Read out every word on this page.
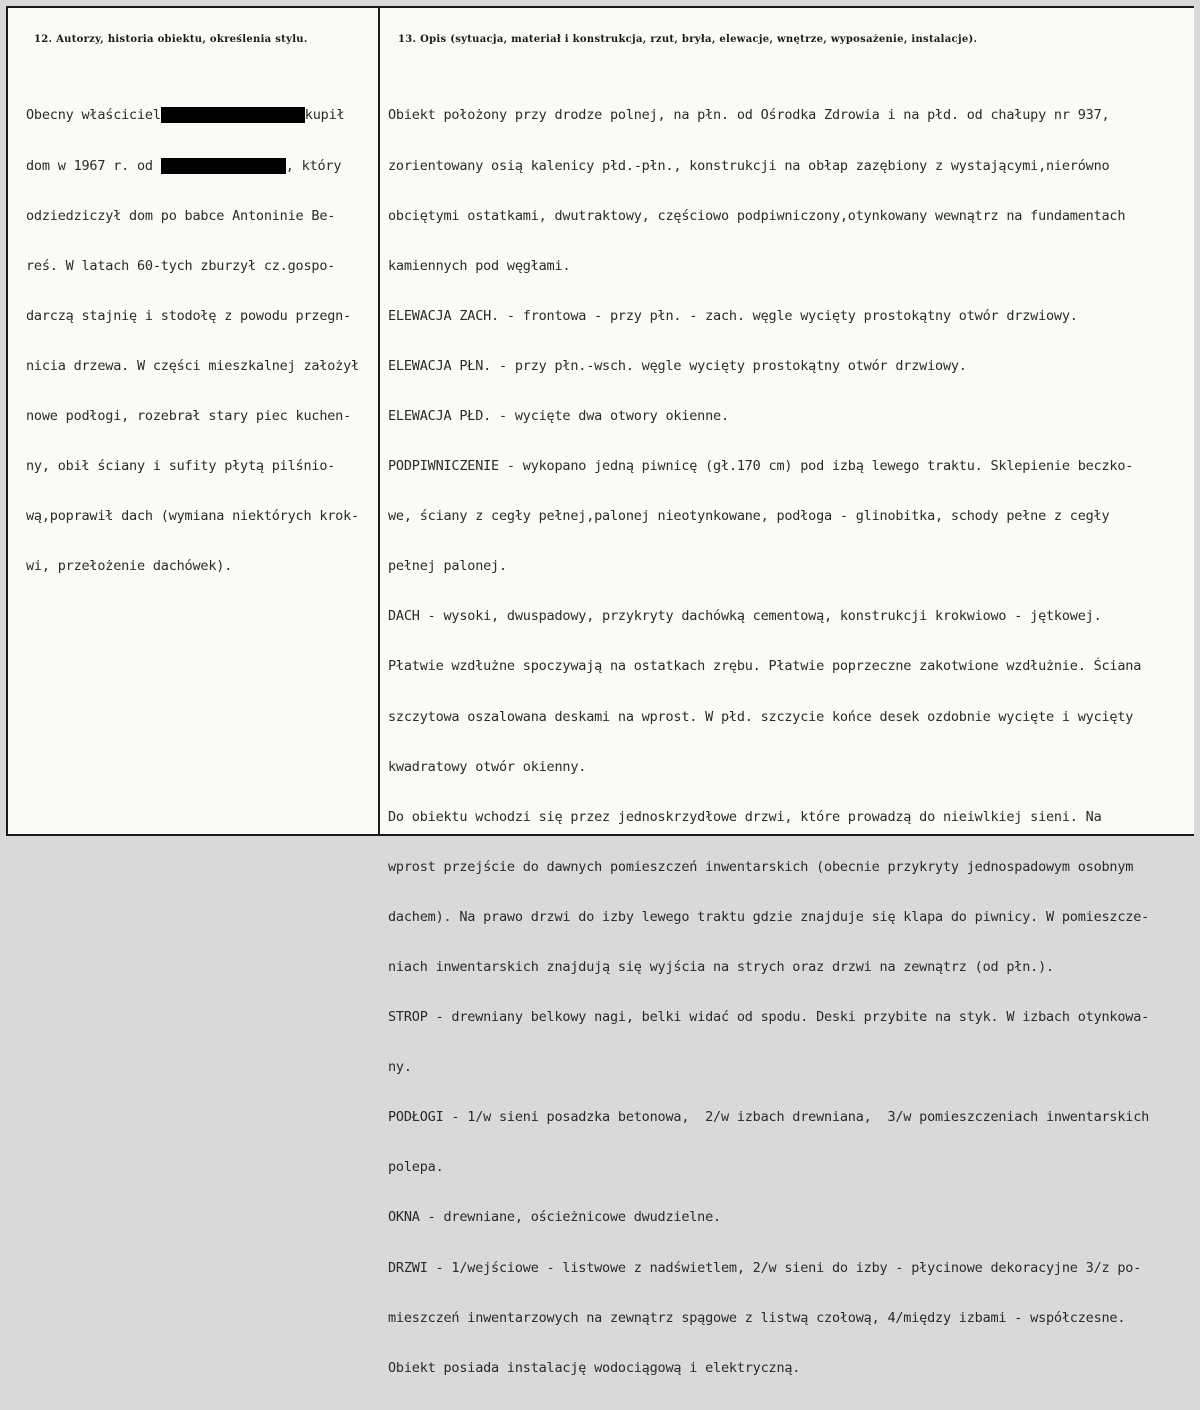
12. Autorzy, historia obiektu, określenia stylu.	13. Opis (sytuacja, materiał i konstrukcja, rzut, bryła, elewacje, wnętrze, wyposażenie, instalacje).

Obecny właściciel	kupił

dom w 1967 r. od	, który

odziedziczył dom po babce Antoninie Be-

reś. W latach 60-tych zburzył cz.gospo-

darczą stajnię i stodołę z powodu przegn-

nicia drzewa. W części mieszkalnej założył

nowe podłogi, rozebrał stary piec kuchen-

ny, obił ściany i sufity płytą pilśnio-

wą,poprawił dach (wymiana niektórych krok-

wi, przełożenie dachówek).

Obiekt położony przy drodze polnej, na płn. od Ośrodka Zdrowia i na płd. od chałupy nr 937,

zorientowany osią kalenicy płd.-płn., konstrukcji na obłap zazębiony z wystającymi,nierówno

obciętymi ostatkami, dwutraktowy, częściowo podpiwniczony,otynkowany wewnątrz na fundamentach

kamiennych pod węgłami.

ELEWACJA ZACH. - frontowa - przy płn. - zach. węgle wycięty prostokątny otwór drzwiowy.

ELEWACJA PŁN. - przy płn.-wsch. węgle wycięty prostokątny otwór drzwiowy.

ELEWACJA PŁD. - wycięte dwa otwory okienne.

PODPIWNICZENIE - wykopano jedną piwnicę (gł.170 cm) pod izbą lewego traktu. Sklepienie beczko-

we, ściany z cegły pełnej,palonej nieotynkowane, podłoga - glinobitka, schody pełne z cegły

pełnej palonej.

DACH - wysoki, dwuspadowy, przykryty dachówką cementową, konstrukcji krokwiowo - jętkowej.

Płatwie wzdłużne spoczywają na ostatkach zrębu. Płatwie poprzeczne zakotwione wzdłużnie. Ściana

szczytowa oszalowana deskami na wprost. W płd. szczycie końce desek ozdobnie wycięte i wycięty

kwadratowy otwór okienny.

Do obiektu wchodzi się przez jednoskrzydłowe drzwi, które prowadzą do nieiwlkiej sieni. Na

wprost przejście do dawnych pomieszczeń inwentarskich (obecnie przykryty jednospadowym osobnym

dachem). Na prawo drzwi do izby lewego traktu gdzie znajduje się klapa do piwnicy. W pomieszcze-

niach inwentarskich znajdują się wyjścia na strych oraz drzwi na zewnątrz (od płn.).

STROP - drewniany belkowy nagi, belki widać od spodu. Deski przybite na styk. W izbach otynkowa-

ny.

PODŁOGI - 1/w sieni posadzka betonowa,  2/w izbach drewniana,  3/w pomieszczeniach inwentarskich

polepa.

OKNA - drewniane, ościeżnicowe dwudzielne.

DRZWI - 1/wejściowe - listwowe z nadświetlem, 2/w sieni do izby - płycinowe dekoracyjne 3/z po-

mieszczeń inwentarzowych na zewnątrz spągowe z listwą czołową, 4/między izbami - współczesne.

Obiekt posiada instalację wodociągową i elektryczną.
